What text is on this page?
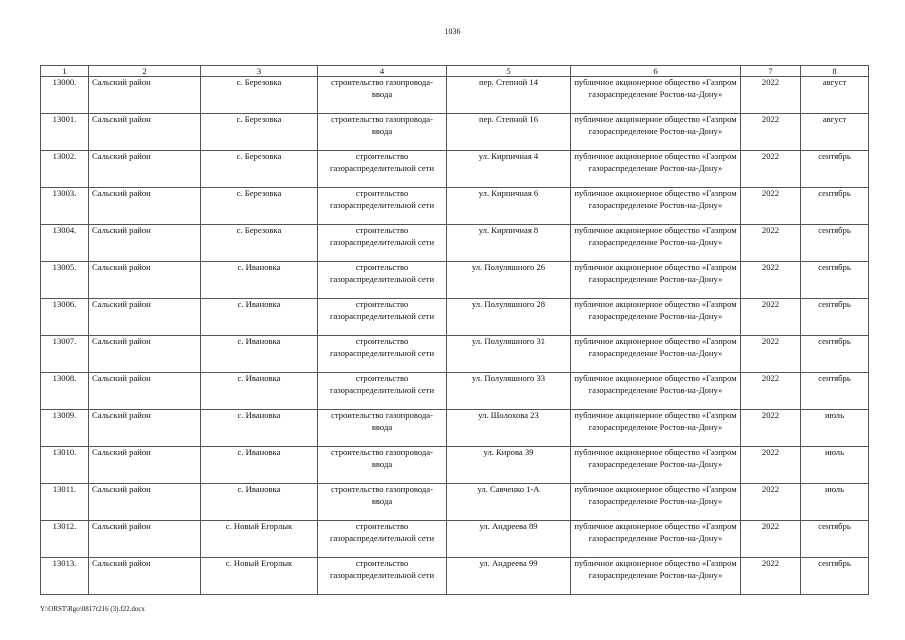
1036
1	2	3	4	5	6	7	8
13000.	Сальский район	с. Березовка	строительство газопровода-ввода	пер. Степной 14	публичное акционерное общество «Газпром газораспределение Ростов-на-Дону»	2022	август
13001.	Сальский район	с. Березовка	строительство газопровода-ввода	пер. Степной 16	публичное акционерное общество «Газпром газораспределение Ростов-на-Дону»	2022	август
13002.	Сальский район	с. Березовка	строительство газораспределительной сети	ул. Кирпичная 4	публичное акционерное общество «Газпром газораспределение Ростов-на-Дону»	2022	сентябрь
13003.	Сальский район	с. Березовка	строительство газораспределительной сети	ул. Кирпичная 6	публичное акционерное общество «Газпром газораспределение Ростов-на-Дону»	2022	сентябрь
13004.	Сальский район	с. Березовка	строительство газораспределительной сети	ул. Кирпичная 8	публичное акционерное общество «Газпром газораспределение Ростов-на-Дону»	2022	сентябрь
13005.	Сальский район	с. Ивановка	строительство газораспределительной сети	ул. Полуляшного 26	публичное акционерное общество «Газпром газораспределение Ростов-на-Дону»	2022	сентябрь
13006.	Сальский район	с. Ивановка	строительство газораспределительной сети	ул. Полуляшного 28	публичное акционерное общество «Газпром газораспределение Ростов-на-Дону»	2022	сентябрь
13007.	Сальский район	с. Ивановка	строительство газораспределительной сети	ул. Полуляшного 31	публичное акционерное общество «Газпром газораспределение Ростов-на-Дону»	2022	сентябрь
13008.	Сальский район	с. Ивановка	строительство газораспределительной сети	ул. Полуляшного 33	публичное акционерное общество «Газпром газораспределение Ростов-на-Дону»	2022	сентябрь
13009.	Сальский район	с. Ивановка	строительство газопровода-ввода	ул. Шолохова 23	публичное акционерное общество «Газпром газораспределение Ростов-на-Дону»	2022	июль
13010.	Сальский район	с. Ивановка	строительство газопровода-ввода	ул. Кирова 39	публичное акционерное общество «Газпром газораспределение Ростов-на-Дону»	2022	июль
13011.	Сальский район	с. Ивановка	строительство газопровода-ввода	ул. Савченко 1-А	публичное акционерное общество «Газпром газораспределение Ростов-на-Дону»	2022	июль
13012.	Сальский район	с. Новый Егорлык	строительство газораспределительной сети	ул. Андреева 89	публичное акционерное общество «Газпром газораспределение Ростов-на-Дону»	2022	сентябрь
13013.	Сальский район	с. Новый Егорлык	строительство газораспределительной сети	ул. Андреева 99	публичное акционерное общество «Газпром газораспределение Ростов-на-Дону»	2022	сентябрь
Y:\ORST\Rgo\0817r216 (3).f22.docx
